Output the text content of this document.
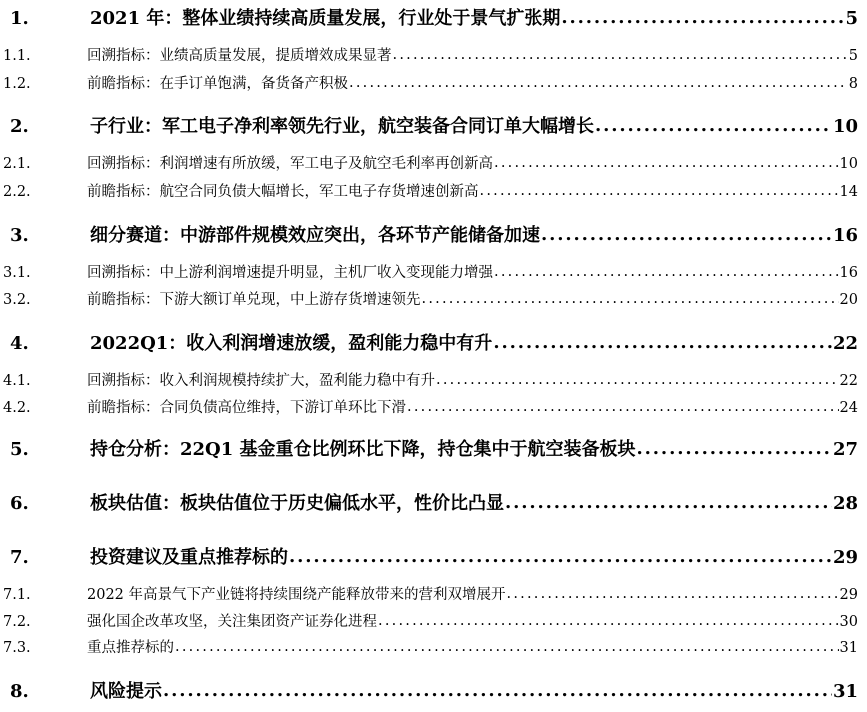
1.	2021 年：整体业绩持续高质量发展，行业处于景气扩张期 . . .	5
1.1.	回溯指标：业绩高质量发展，提质增效成果显著 . . .	5
1.2.	前瞻指标：在手订单饱满，备货备产积极 . . .	8
2.	子行业：军工电子净利率领先行业，航空装备合同订单大幅增长 . . .	10
2.1.	回溯指标：利润增速有所放缓，军工电子及航空毛利率再创新高 . . .	10
2.2.	前瞻指标：航空合同负债大幅增长，军工电子存货增速创新高 . . .	14
3.	细分赛道：中游部件规模效应突出，各环节产能储备加速 . . .	16
3.1.	回溯指标：中上游利润增速提升明显，主机厂收入变现能力增强 . . .	16
3.2.	前瞻指标：下游大额订单兑现，中上游存货增速领先 . . .	20
4.	2022Q1：收入利润增速放缓，盈利能力稳中有升 . . .	22
4.1.	回溯指标：收入利润规模持续扩大，盈利能力稳中有升 . . .	22
4.2.	前瞻指标：合同负债高位维持，下游订单环比下滑 . . .	24
5.	持仓分析：22Q1 基金重仓比例环比下降，持仓集中于航空装备板块 . . .	27
6.	板块估值：板块估值位于历史偏低水平，性价比凸显 . . .	28
7.	投资建议及重点推荐标的 . . .	29
7.1.	2022 年高景气下产业链将持续围绕产能释放带来的营利双增展开 . . .	29
7.2.	强化国企改革攻坚，关注集团资产证券化进程 . . .	30
7.3.	重点推荐标的 . . .	31
8.	风险提示 . . .	31
